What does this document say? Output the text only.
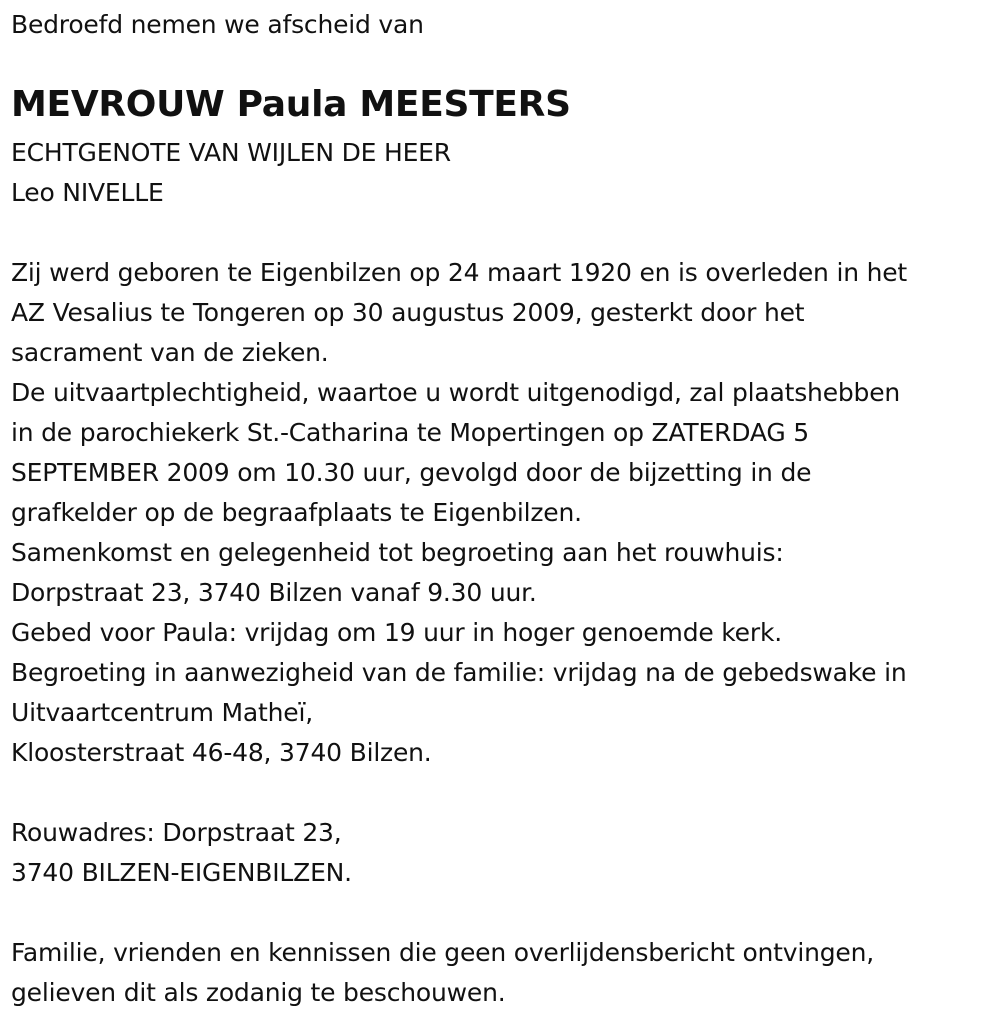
Bedroefd nemen we afscheid van
MEVROUW Paula MEESTERS
ECHTGENOTE VAN WIJLEN DE HEER
Leo NIVELLE
Zij werd geboren te Eigenbilzen op 24 maart 1920 en is overleden in het
AZ Vesalius te Tongeren op 30 augustus 2009, gesterkt door het
sacrament van de zieken.
De uitvaartplechtigheid, waartoe u wordt uitgenodigd, zal plaatshebben
in de parochiekerk St.-Catharina te Mopertingen op ZATERDAG 5
SEPTEMBER 2009 om 10.30 uur, gevolgd door de bijzetting in de
grafkelder op de begraafplaats te Eigenbilzen.
Samenkomst en gelegenheid tot begroeting aan het rouwhuis:
Dorpstraat 23, 3740 Bilzen vanaf 9.30 uur.
Gebed voor Paula: vrijdag om 19 uur in hoger genoemde kerk.
Begroeting in aanwezigheid van de familie: vrijdag na de gebedswake in
Uitvaartcentrum Matheï,
Kloosterstraat 46-48, 3740 Bilzen.
Rouwadres: Dorpstraat 23,
3740 BILZEN-EIGENBILZEN.
Familie, vrienden en kennissen die geen overlijdensbericht ontvingen,
gelieven dit als zodanig te beschouwen.
